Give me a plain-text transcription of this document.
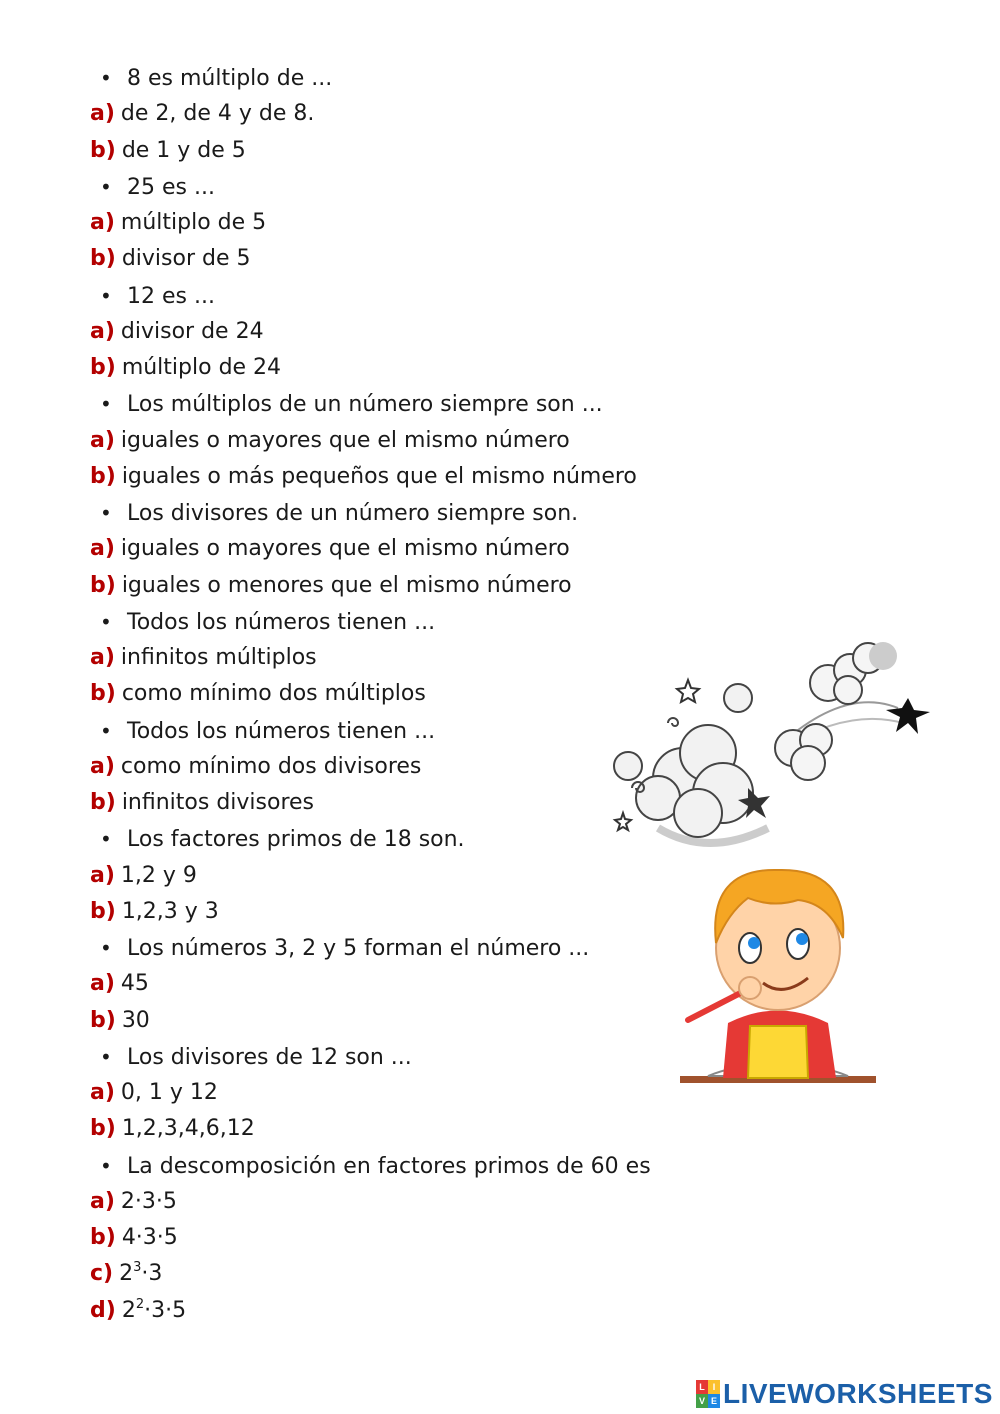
• 8 es múltiplo de ...
a) de 2, de 4 y de 8.
b) de 1 y de 5
• 25 es ...
a) múltiplo de 5
b) divisor de 5
• 12 es ...
a) divisor de 24
b) múltiplo de 24
• Los múltiplos de un número siempre son ...
a) iguales o mayores que el mismo número
b) iguales o más pequeños que el mismo número
• Los divisores de un número siempre son.
a) iguales o mayores que el mismo número
b) iguales o menores que el mismo número
• Todos los números tienen ...
a) infinitos múltiplos
b) como mínimo dos múltiplos
• Todos los números tienen ...
a) como mínimo dos divisores
b) infinitos divisores
• Los factores primos de 18 son.
a) 1,2 y 9
b) 1,2,3 y 3
• Los números 3, 2 y 5 forman el número ...
a) 45
b) 30
• Los divisores de 12 son ...
a) 0, 1 y 12
b) 1,2,3,4,6,12
• La descomposición en factores primos de 60 es
a) 2·3·5
b) 4·3·5
c) $2^3\cdot 3$
d) $2^2\cdot 3\cdot 5$
L I
V E LIVEWORKSHEETS
